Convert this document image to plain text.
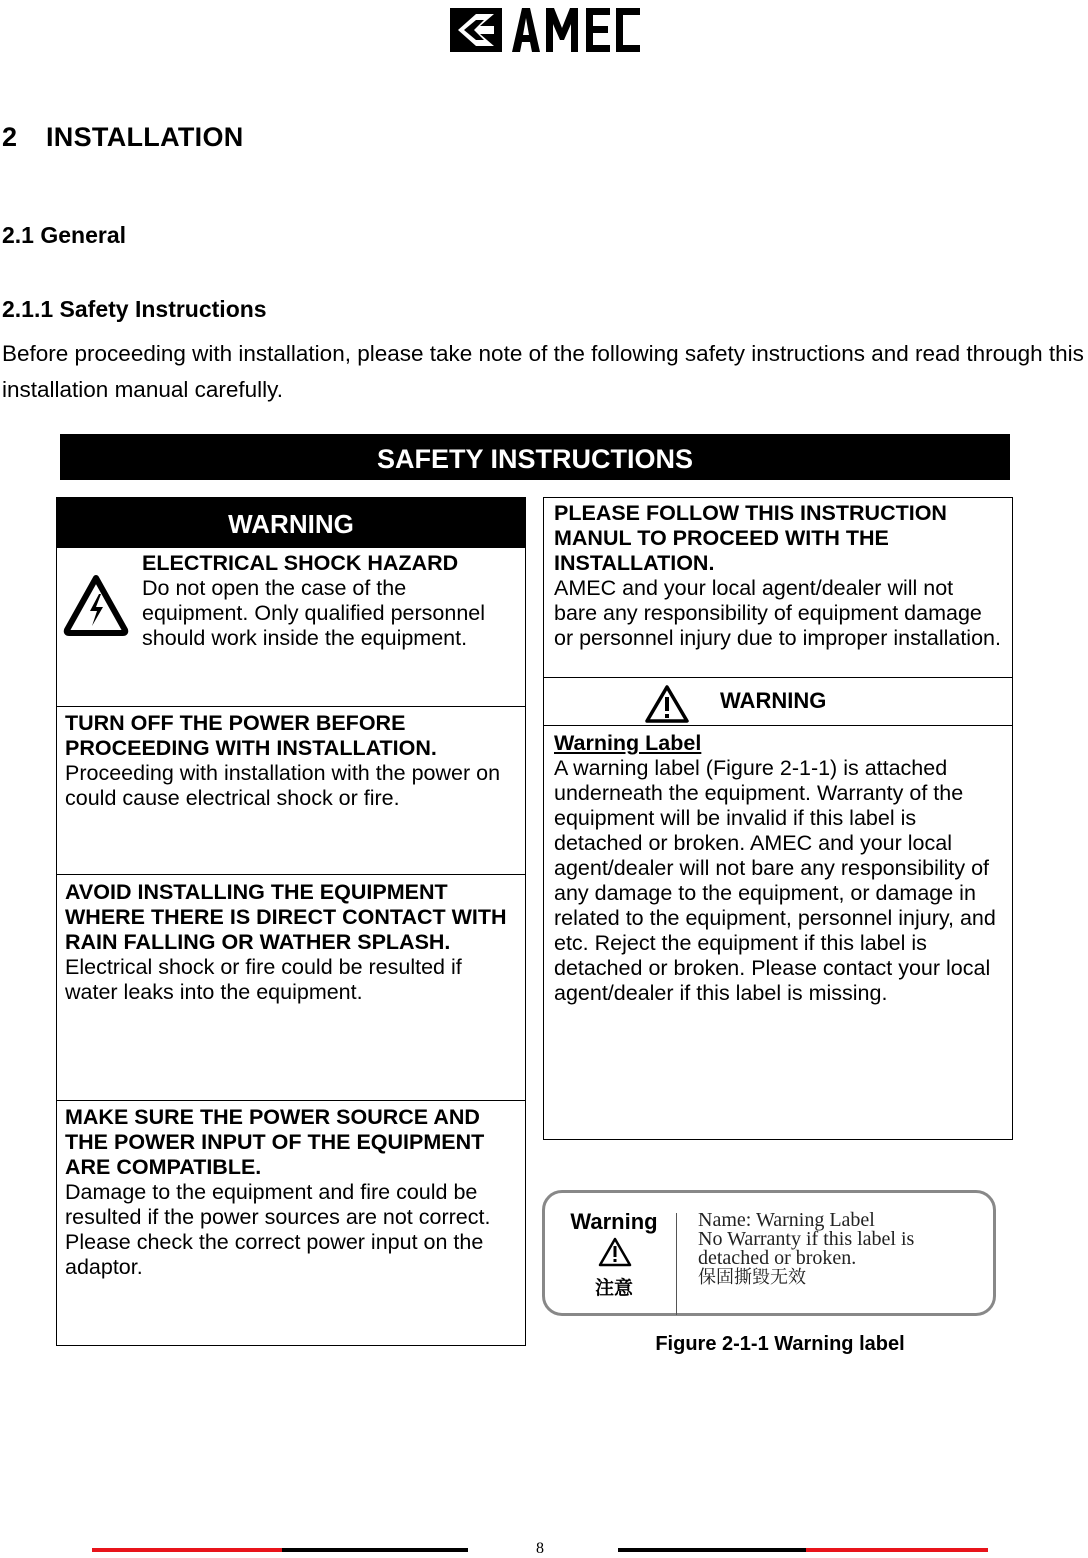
2 INSTALLATION
2.1 General
2.1.1 Safety Instructions
Before proceeding with installation, please take note of the following safety instructions and read through this installation manual carefully.
SAFETY INSTRUCTIONS
WARNING
ELECTRICAL SHOCK HAZARD
Do not open the case of the equipment. Only qualified personnel should work inside the equipment.
TURN OFF THE POWER BEFORE PROCEEDING WITH INSTALLATION.
Proceeding with installation with the power on could cause electrical shock or fire.
AVOID INSTALLING THE EQUIPMENT WHERE THERE IS DIRECT CONTACT WITH RAIN FALLING OR WATHER SPLASH.
Electrical shock or fire could be resulted if water leaks into the equipment.
MAKE SURE THE POWER SOURCE AND THE POWER INPUT OF THE EQUIPMENT ARE COMPATIBLE.
Damage to the equipment and fire could be resulted if the power sources are not correct. Please check the correct power input on the adaptor.
PLEASE FOLLOW THIS INSTRUCTION MANUL TO PROCEED WITH THE INSTALLATION.
AMEC and your local agent/dealer will not bare any responsibility of equipment damage or personnel injury due to improper installation.
WARNING
Warning Label
A warning label (Figure 2-1-1) is attached underneath the equipment. Warranty of the equipment will be invalid if this label is detached or broken. AMEC and your local agent/dealer will not bare any responsibility of any damage to the equipment, or damage in related to the equipment, personnel injury, and etc. Reject the equipment if this label is detached or broken. Please contact your local agent/dealer if this label is missing.
Warning
注意
Name: Warning Label
No Warranty if this label is
detached or broken.
保固撕毀无效
Figure 2-1-1 Warning label
8
